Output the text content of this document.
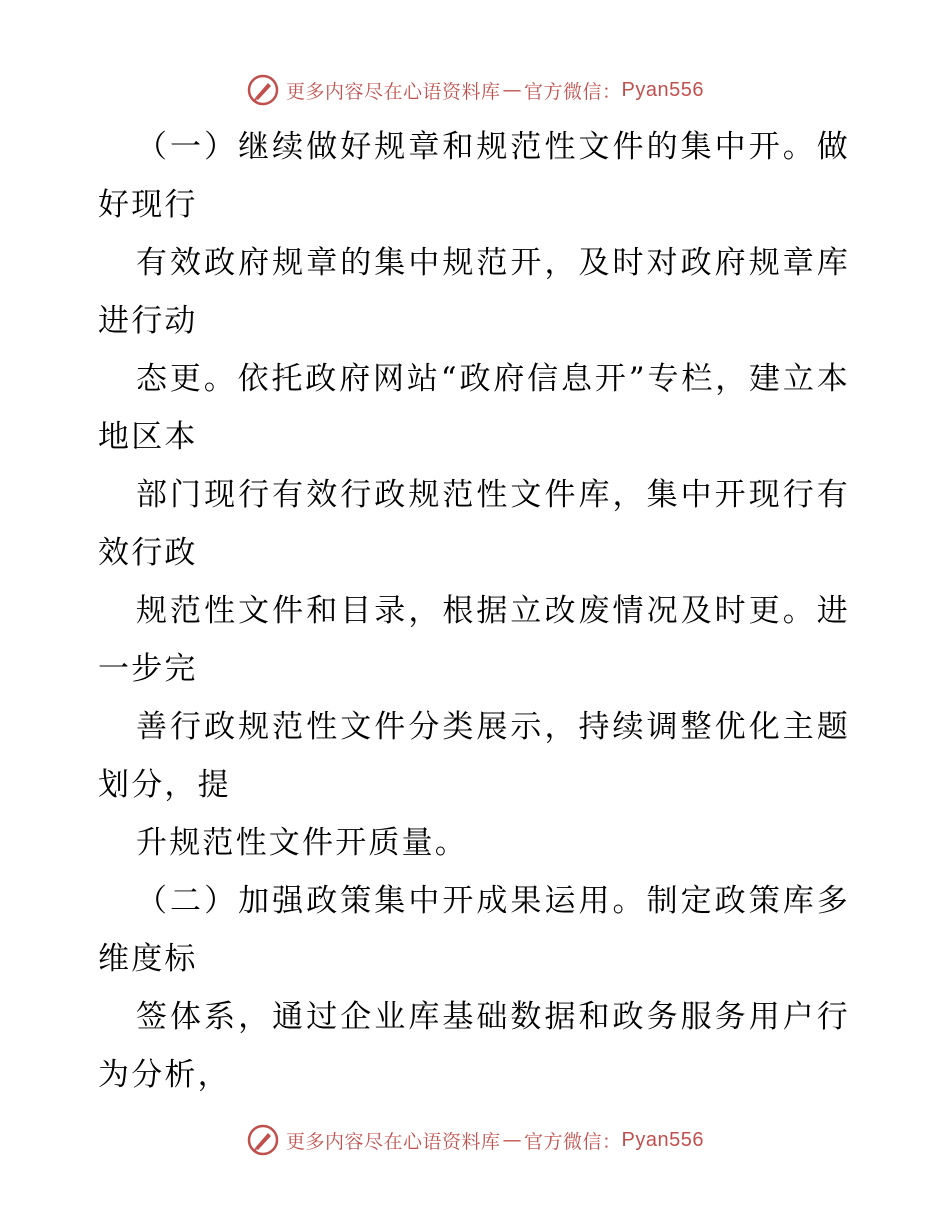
更多内容尽在心语资料库 — 官方微信： Pyan556

（一）继续做好规章和规范性文件的集中开。做好现行

有效政府规章的集中规范开，及时对政府规章库进行动

态更。依托政府网站“政府信息开”专栏，建立本地区本

部门现行有效行政规范性文件库，集中开现行有效行政

规范性文件和目录，根据立改废情况及时更。进一步完

善行政规范性文件分类展示，持续调整优化主题划分，提

升规范性文件开质量。

（二）加强政策集中开成果运用。制定政策库多维度标

签体系，通过企业库基础数据和政务服务用户行为分析，

更多内容尽在心语资料库 — 官方微信： Pyan556
